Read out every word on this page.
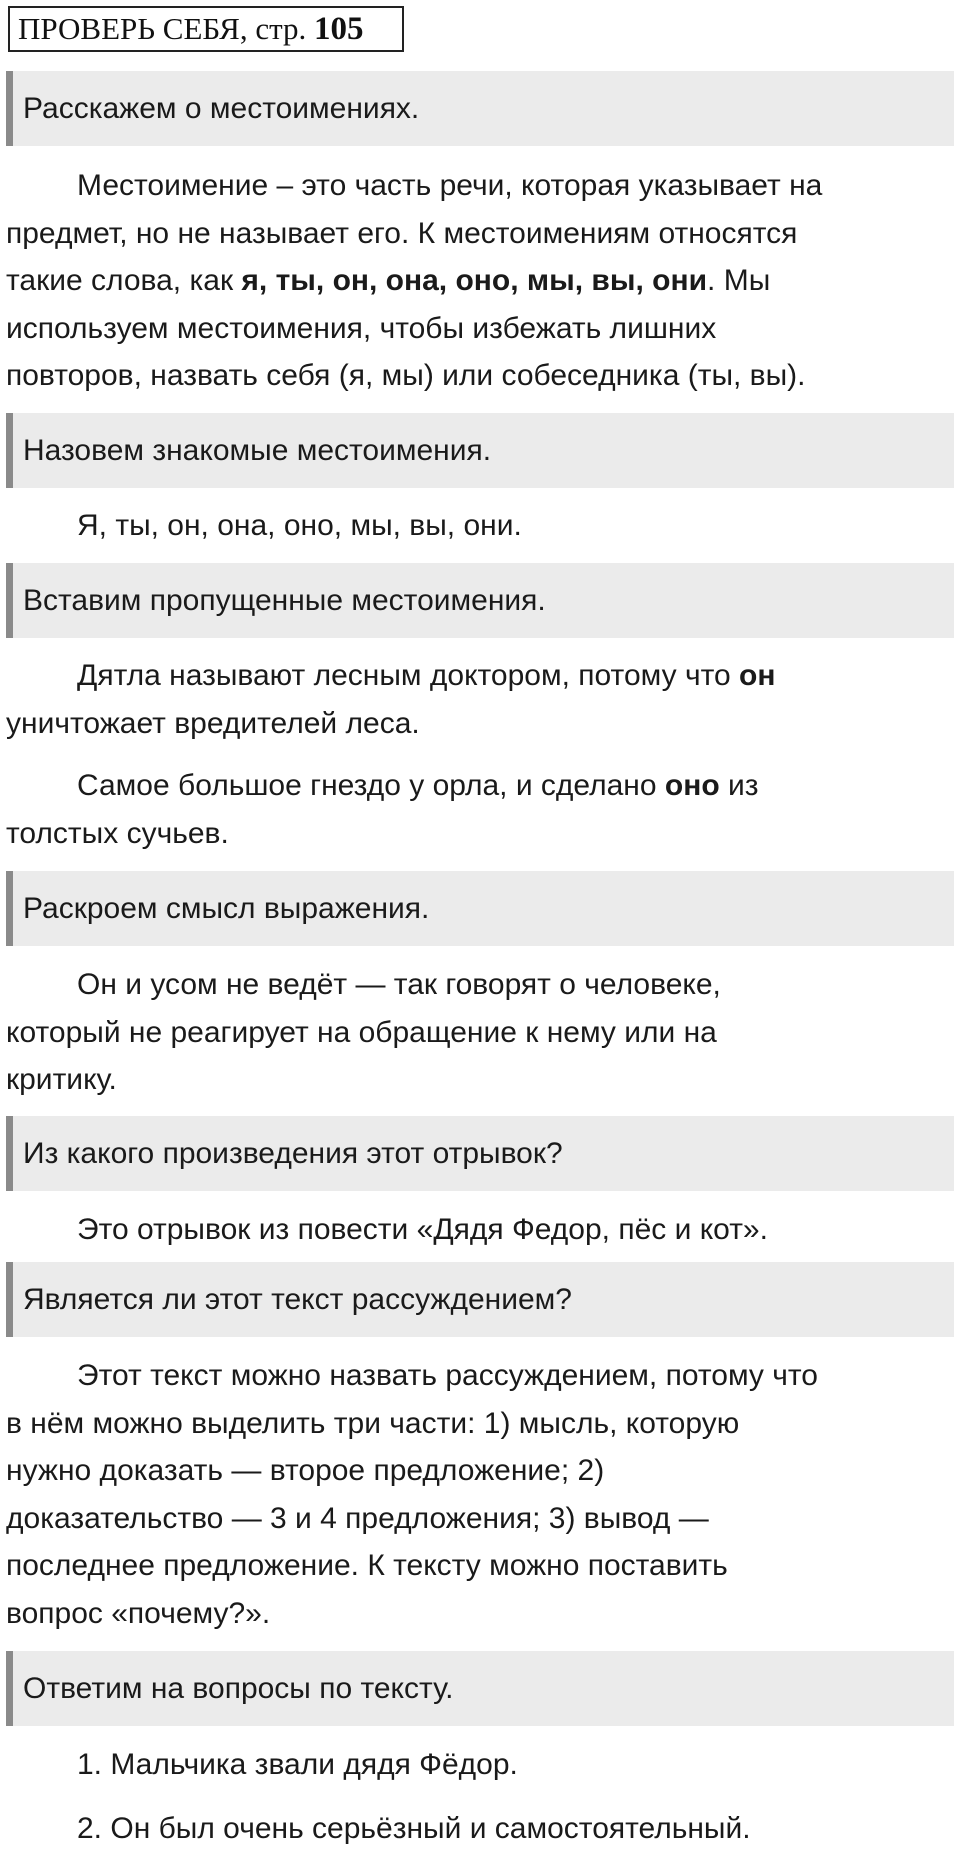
ПРОВЕРЬ СЕБЯ, стр. 105
Расскажем о местоимениях.
Местоимение – это часть речи, которая указывает на
предмет, но не называет его. К местоимениям относятся
такие слова, как я, ты, он, она, оно, мы, вы, они. Мы
используем местоимения, чтобы избежать лишних
повторов, назвать себя (я, мы) или собеседника (ты, вы).
Назовем знакомые местоимения.
Я, ты, он, она, оно, мы, вы, они.
Вставим пропущенные местоимения.
Дятла называют лесным доктором, потому что он
уничтожает вредителей леса.
Самое большое гнездо у орла, и сделано оно из
толстых сучьев.
Раскроем смысл выражения.
Он и усом не ведёт — так говорят о человеке,
который не реагирует на обращение к нему или на
критику.
Из какого произведения этот отрывок?
Это отрывок из повести «Дядя Федор, пёс и кот».
Является ли этот текст рассуждением?
Этот текст можно назвать рассуждением, потому что
в нём можно выделить три части: 1) мысль, которую
нужно доказать — второе предложение; 2)
доказательство — 3 и 4 предложения; 3) вывод —
последнее предложение. К тексту можно поставить
вопрос «почему?».
Ответим на вопросы по тексту.
1. Мальчика звали дядя Фёдор.
2. Он был очень серьёзный и самостоятельный.
